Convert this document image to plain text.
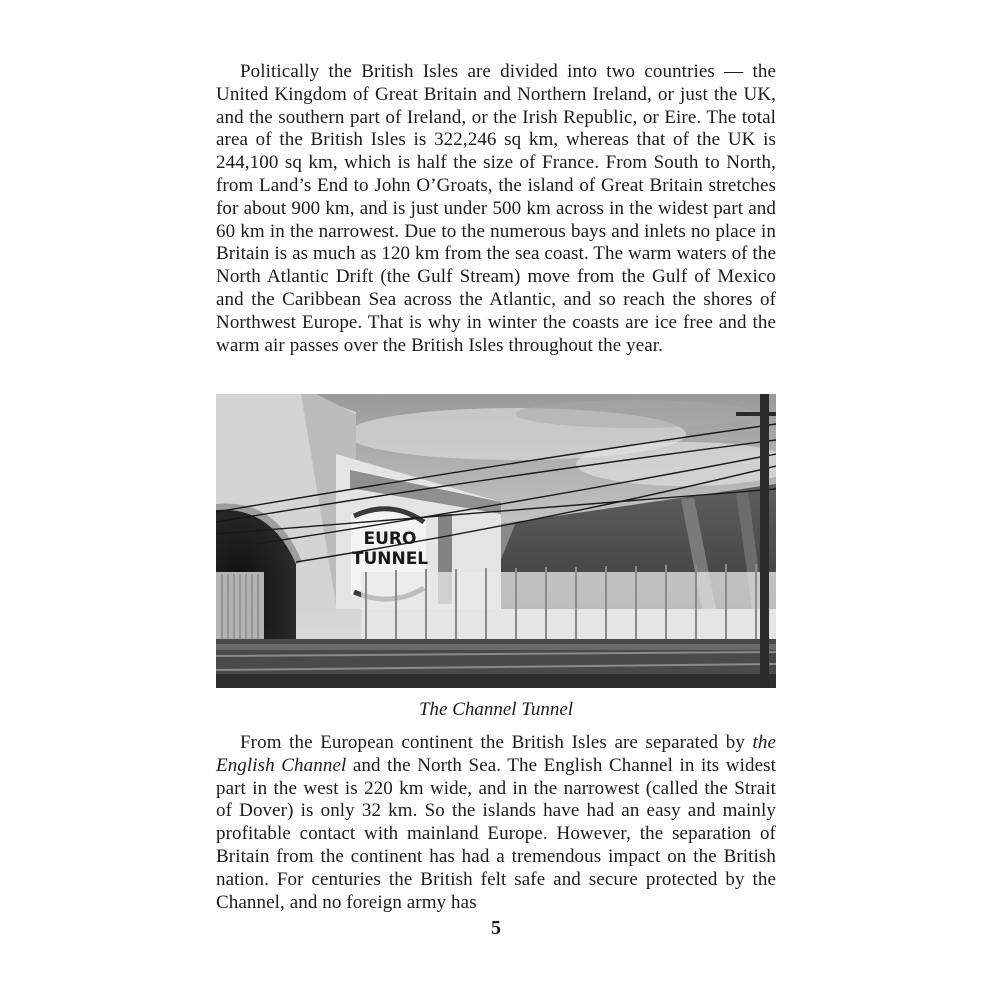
Politically the British Isles are divided into two countries — the United Kingdom of Great Britain and Northern Ireland, or just the UK, and the southern part of Ireland, or the Irish Republic, or Eire. The total area of the British Isles is 322,246 sq km, whereas that of the UK is 244,100 sq km, which is half the size of France. From South to North, from Land’s End to John O’Groats, the island of Great Britain stretches for about 900 km, and is just under 500 km across in the widest part and 60 km in the narrowest. Due to the numerous bays and inlets no place in Britain is as much as 120 km from the sea coast. The warm waters of the North Atlantic Drift (the Gulf Stream) move from the Gulf of Mexico and the Caribbean Sea across the Atlantic, and so reach the shores of Northwest Europe. That is why in winter the coasts are ice free and the warm air passes over the British Isles throughout the year.

EURO
TUNNEL
The Channel Tunnel

From the European continent the British Isles are separated by the English Channel and the North Sea. The English Channel in its widest part in the west is 220 km wide, and in the narrowest (called the Strait of Dover) is only 32 km. So the islands have had an easy and mainly profitable contact with mainland Europe. However, the separation of Britain from the continent has had a tremendous impact on the British nation. For centuries the British felt safe and secure protected by the Channel, and no foreign army has

5
